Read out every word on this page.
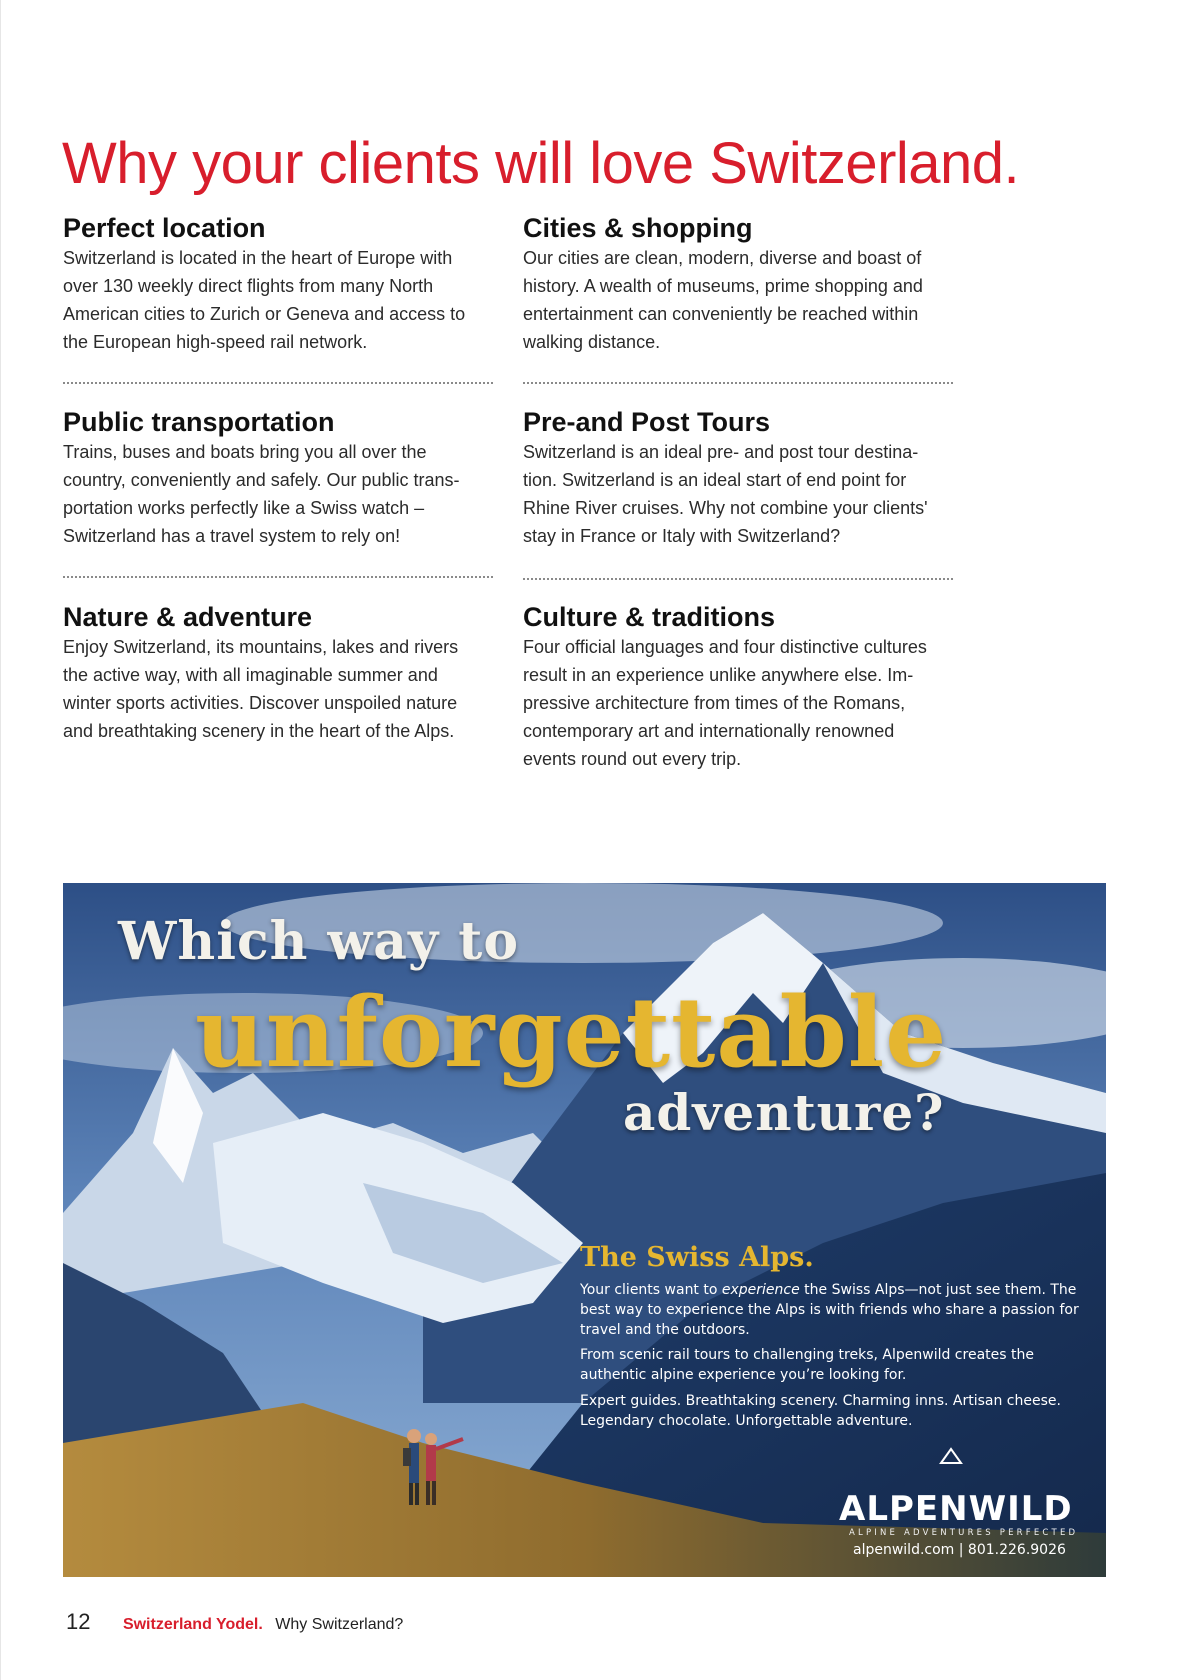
Why your clients will love Switzerland.
Perfect location

Switzerland is located in the heart of Europe with
over 130 weekly direct flights from many North
American cities to Zurich or Geneva and access to
the European high-speed rail network.

Public transportation

Trains, buses and boats bring you all over the
country, conveniently and safely. Our public trans-
portation works perfectly like a Swiss watch –
Switzerland has a travel system to rely on!

Nature & adventure

Enjoy Switzerland, its mountains, lakes and rivers
the active way, with all imaginable summer and
winter sports activities. Discover unspoiled nature
and breathtaking scenery in the heart of the Alps.

Cities & shopping

Our cities are clean, modern, diverse and boast of
history. A wealth of museums, prime shopping and
entertainment can conveniently be reached within
walking distance.

Pre-and Post Tours

Switzerland is an ideal pre- and post tour destina-
tion. Switzerland is an ideal start of end point for
Rhine River cruises. Why not combine your clients'
stay in France or Italy with Switzerland?

Culture & traditions

Four official languages and four distinctive cultures
result in an experience unlike anywhere else. Im-
pressive architecture from times of the Romans,
contemporary art and internationally renowned
events round out every trip.

Which way to

unforgettable

adventure?

The Swiss Alps.

Your clients want to experience the Swiss Alps—not just see them. The best way to experience the Alps is with friends who share a passion for travel and the outdoors.

From scenic rail tours to challenging treks, Alpenwild creates the authentic alpine experience you’re looking for.

Expert guides. Breathtaking scenery. Charming inns. Artisan cheese. Legendary chocolate. Unforgettable adventure.

ALPENWILD

ALPINE ADVENTURES PERFECTED

alpenwild.com | 801.226.9026

12 Switzerland Yodel. Why Switzerland?
